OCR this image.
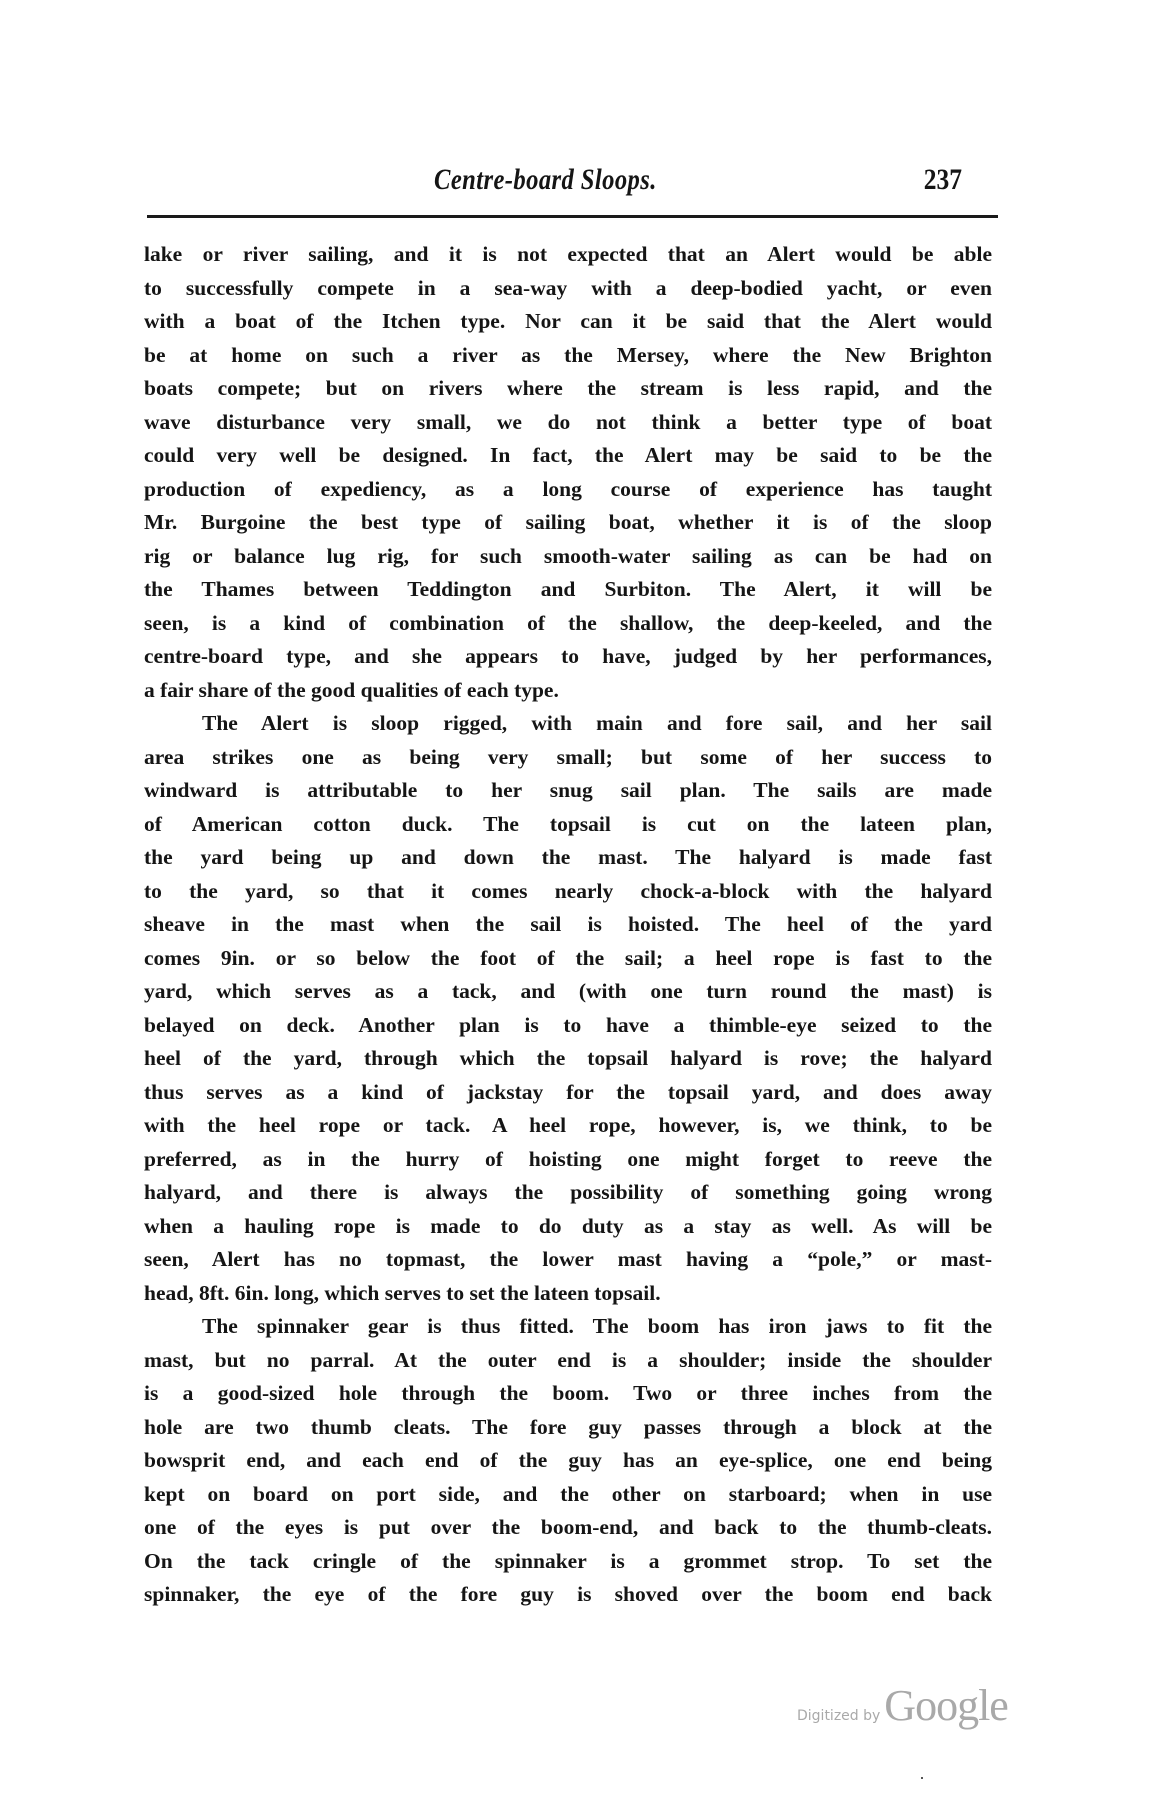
Centre-board Sloops.	237
lake or river sailing, and it is not expected that an Alert would be able
to successfully compete in a sea-way with a deep-bodied yacht, or even
with a boat of the Itchen type. Nor can it be said that the Alert would
be at home on such a river as the Mersey, where the New Brighton
boats compete; but on rivers where the stream is less rapid, and the
wave disturbance very small, we do not think a better type of boat
could very well be designed. In fact, the Alert may be said to be the
production of expediency, as a long course of experience has taught
Mr. Burgoine the best type of sailing boat, whether it is of the sloop
rig or balance lug rig, for such smooth-water sailing as can be had on
the Thames between Teddington and Surbiton. The Alert, it will be
seen, is a kind of combination of the shallow, the deep-keeled, and the
centre-board type, and she appears to have, judged by her performances,
a fair share of the good qualities of each type.
The Alert is sloop rigged, with main and fore sail, and her sail
area strikes one as being very small; but some of her success to
windward is attributable to her snug sail plan. The sails are made
of American cotton duck. The topsail is cut on the lateen plan,
the yard being up and down the mast. The halyard is made fast
to the yard, so that it comes nearly chock-a-block with the halyard
sheave in the mast when the sail is hoisted. The heel of the yard
comes 9in. or so below the foot of the sail; a heel rope is fast to the
yard, which serves as a tack, and (with one turn round the mast) is
belayed on deck. Another plan is to have a thimble-eye seized to the
heel of the yard, through which the topsail halyard is rove; the halyard
thus serves as a kind of jackstay for the topsail yard, and does away
with the heel rope or tack. A heel rope, however, is, we think, to be
preferred, as in the hurry of hoisting one might forget to reeve the
halyard, and there is always the possibility of something going wrong
when a hauling rope is made to do duty as a stay as well. As will be
seen, Alert has no topmast, the lower mast having a “pole,” or mast-
head, 8ft. 6in. long, which serves to set the lateen topsail.
The spinnaker gear is thus fitted. The boom has iron jaws to fit the
mast, but no parral. At the outer end is a shoulder; inside the shoulder
is a good-sized hole through the boom. Two or three inches from the
hole are two thumb cleats. The fore guy passes through a block at the
bowsprit end, and each end of the guy has an eye-splice, one end being
kept on board on port side, and the other on starboard; when in use
one of the eyes is put over the boom-end, and back to the thumb-cleats.
On the tack cringle of the spinnaker is a grommet strop. To set the
spinnaker, the eye of the fore guy is shoved over the boom end back
Digitized by Google
